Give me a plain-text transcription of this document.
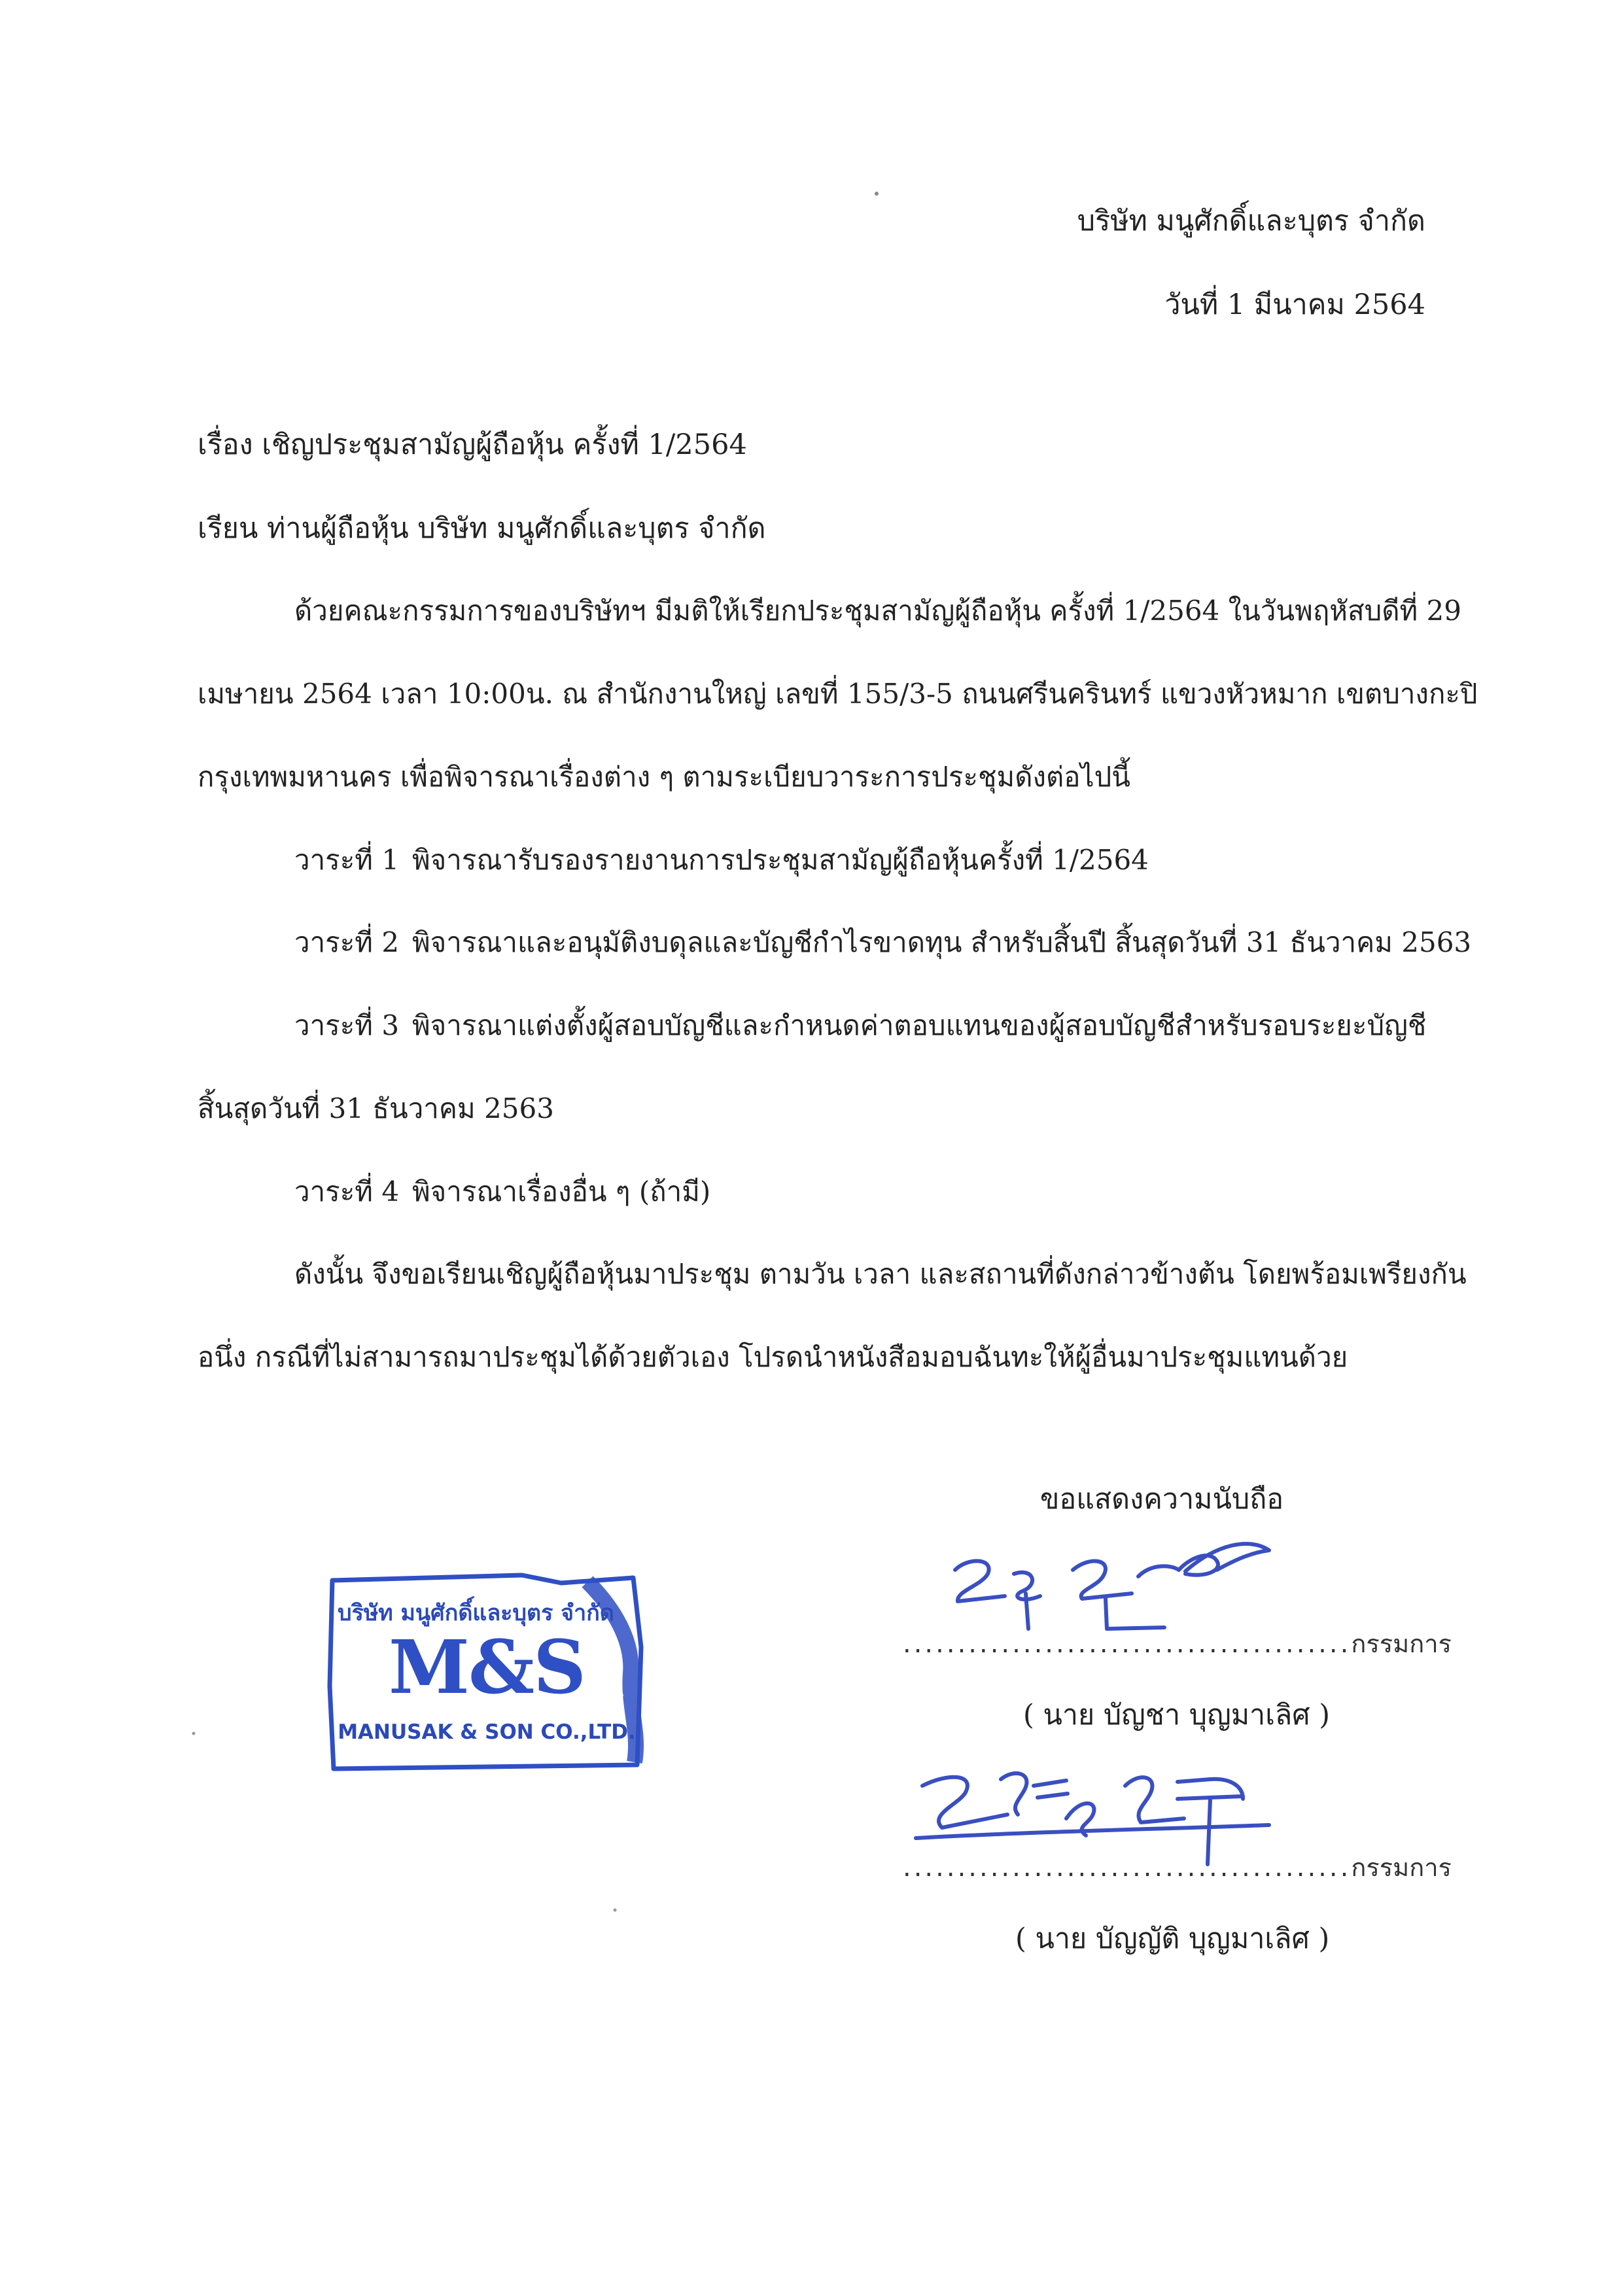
บริษัท มนูศักดิ์และบุตร จำกัด
วันที่ 1 มีนาคม 2564
เรื่อง เชิญประชุมสามัญผู้ถือหุ้น ครั้งที่ 1/2564
เรียน ท่านผู้ถือหุ้น บริษัท มนูศักดิ์และบุตร จำกัด
ด้วยคณะกรรมการของบริษัทฯ มีมติให้เรียกประชุมสามัญผู้ถือหุ้น ครั้งที่ 1/2564 ในวันพฤหัสบดีที่ 29
เมษายน 2564 เวลา 10:00น. ณ สำนักงานใหญ่ เลขที่ 155/3-5 ถนนศรีนครินทร์ แขวงหัวหมาก เขตบางกะปิ
กรุงเทพมหานคร เพื่อพิจารณาเรื่องต่าง ๆ ตามระเบียบวาระการประชุมดังต่อไปนี้
วาระที่ 1 พิจารณารับรองรายงานการประชุมสามัญผู้ถือหุ้นครั้งที่ 1/2564
วาระที่ 2 พิจารณาและอนุมัติงบดุลและบัญชีกำไรขาดทุน สำหรับสิ้นปี สิ้นสุดวันที่ 31 ธันวาคม 2563
วาระที่ 3 พิจารณาแต่งตั้งผู้สอบบัญชีและกำหนดค่าตอบแทนของผู้สอบบัญชีสำหรับรอบระยะบัญชี
สิ้นสุดวันที่ 31 ธันวาคม 2563
วาระที่ 4 พิจารณาเรื่องอื่น ๆ (ถ้ามี)
ดังนั้น จึงขอเรียนเชิญผู้ถือหุ้นมาประชุม ตามวัน เวลา และสถานที่ดังกล่าวข้างต้น โดยพร้อมเพรียงกัน
อนึ่ง กรณีที่ไม่สามารถมาประชุมได้ด้วยตัวเอง โปรดนำหนังสือมอบฉันทะให้ผู้อื่นมาประชุมแทนด้วย
ขอแสดงความนับถือ
.........................................กรรมการ
( นาย บัญชา บุญมาเลิศ )
.........................................กรรมการ
( นาย บัญญัติ บุญมาเลิศ )
บริษัท มนูศักดิ์และบุตร จำกัด
M&S
MANUSAK & SON CO.,LTD.
